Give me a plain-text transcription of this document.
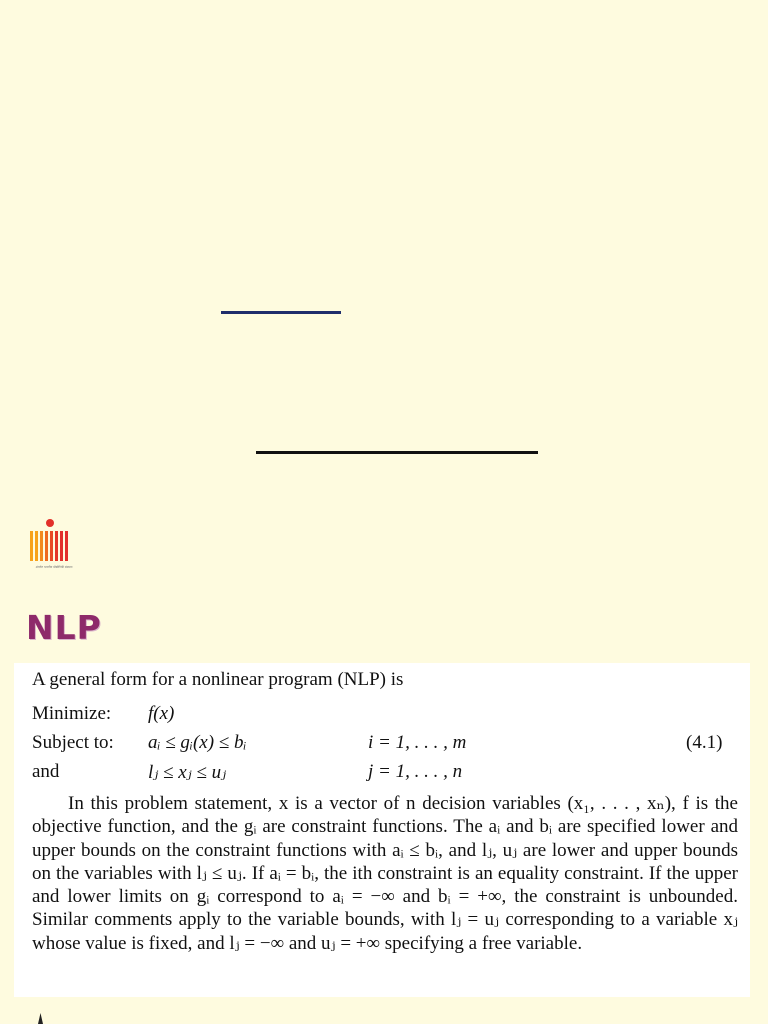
अंतर्गत भारतीय प्रौद्योगिकी संस्थान
NLP
A general form for a nonlinear program (NLP) is
Minimize: f(x)
Subject to: aᵢ ≤ gᵢ(x) ≤ bᵢ	i = 1, . . . , m	(4.1)
and	lⱼ ≤ xⱼ ≤ uⱼ	j = 1, . . . , n
In this problem statement, x is a vector of n decision variables (x₁, . . . , xₙ), f is the objective function, and the gᵢ are constraint functions. The aᵢ and bᵢ are specified lower and upper bounds on the constraint functions with aᵢ ≤ bᵢ, and lⱼ, uⱼ are lower and upper bounds on the variables with lⱼ ≤ uⱼ. If aᵢ = bᵢ, the ith constraint is an equality constraint. If the upper and lower limits on gᵢ correspond to aᵢ = −∞ and bᵢ = +∞, the constraint is unbounded. Similar comments apply to the variable bounds, with lⱼ = uⱼ corresponding to a variable xⱼ whose value is fixed, and lⱼ = −∞ and uⱼ = +∞ specifying a free variable.
